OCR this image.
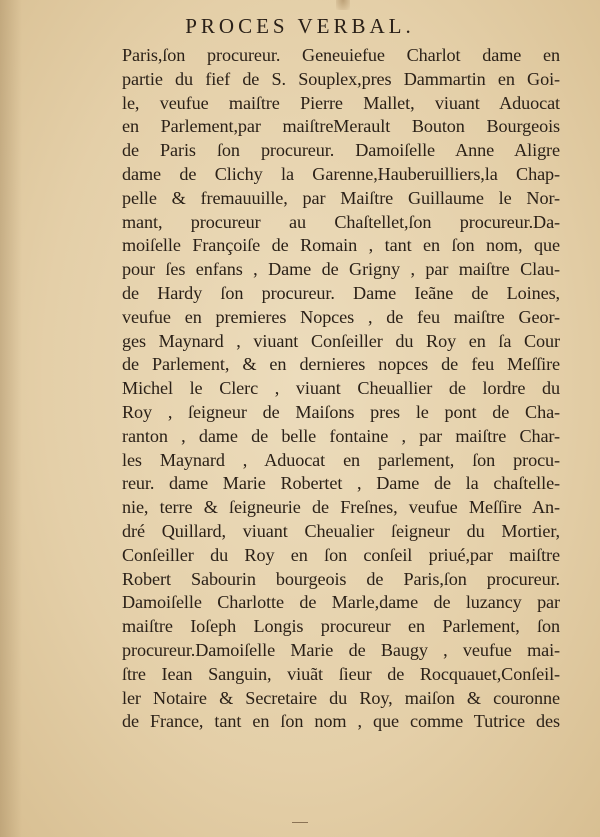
PROCES VERBAL.
Paris,ſon procureur. Geneuiefue Charlot dame en
partie du fief de S. Souplex,pres Dammartin en Goi-
le, veufue maiſtre Pierre Mallet, viuant Aduocat
en Parlement,par maiſtreMerault Bouton Bourgeois
de Paris ſon procureur. Damoiſelle Anne Aligre
dame de Clichy la Garenne,Hauberuilliers,la Chap-
pelle & fremauuille, par Maiſtre Guillaume le Nor-
mant, procureur au Chaſtellet,ſon procureur.Da-
moiſelle Françoiſe de Romain , tant en ſon nom, que
pour ſes enfans , Dame de Grigny , par maiſtre Clau-
de Hardy ſon procureur. Dame Ieãne de Loines,
veufue en premieres Nopces , de feu maiſtre Geor-
ges Maynard , viuant Conſeiller du Roy en ſa Cour
de Parlement, & en dernieres nopces de feu Meſſire
Michel le Clerc , viuant Cheuallier de lordre du
Roy , ſeigneur de Maiſons pres le pont de Cha-
ranton , dame de belle fontaine , par maiſtre Char-
les Maynard , Aduocat en parlement, ſon procu-
reur. dame Marie Robertet , Dame de la chaſtelle-
nie, terre & ſeigneurie de Freſnes, veufue Meſſire An-
dré Quillard, viuant Cheualier ſeigneur du Mortier,
Conſeiller du Roy en ſon conſeil priué,par maiſtre
Robert Sabourin bourgeois de Paris,ſon procureur.
Damoiſelle Charlotte de Marle,dame de luzancy par
maiſtre Ioſeph Longis procureur en Parlement, ſon
procureur.Damoiſelle Marie de Baugy , veufue mai-
ſtre Iean Sanguin, viuãt ſieur de Rocquauet,Conſeil-
ler Notaire & Secretaire du Roy, maiſon & couronne
de France, tant en ſon nom , que comme Tutrice des
